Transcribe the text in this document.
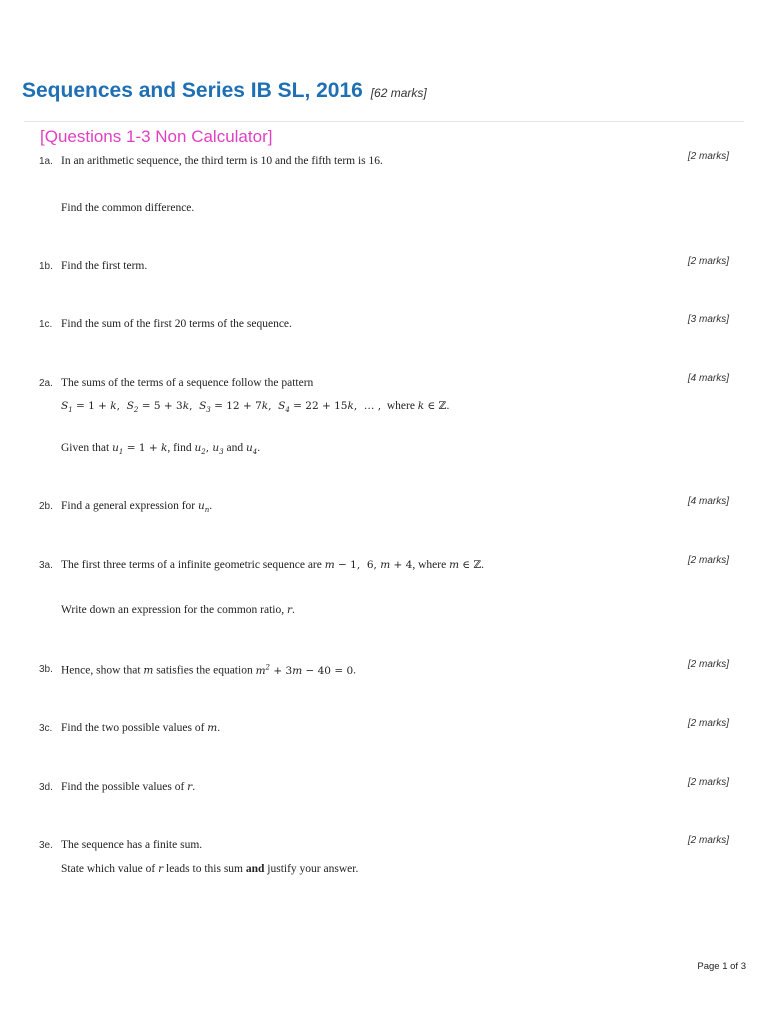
Sequences and Series IB SL, 2016 [62 marks]
[Questions 1-3 Non Calculator]
1a. In an arithmetic sequence, the third term is 10 and the fifth term is 16.	[2 marks]
Find the common difference.
1b. Find the first term.	[2 marks]
1c. Find the sum of the first 20 terms of the sequence.	[3 marks]
2a. The sums of the terms of a sequence follow the pattern	[4 marks]
$S_1 = 1 + k$,  $S_2 = 5 + 3k$,  $S_3 = 12 + 7k$,  $S_4 = 22 + 15k$,  … , where k ∈ ℤ.
Given that $u_1 = 1 + k$, find $u_2$, $u_3$ and $u_4$.
2b. Find a general expression for $u_n$.	[4 marks]
3a. The first three terms of a infinite geometric sequence are m − 1,  6, m + 4, where m ∈ ℤ.	[2 marks]
Write down an expression for the common ratio, r.
3b. Hence, show that m satisfies the equation $m^2 + 3m - 40 = 0$.	[2 marks]
3c. Find the two possible values of m.	[2 marks]
3d. Find the possible values of r.	[2 marks]
3e. The sequence has a finite sum.	[2 marks]
State which value of r leads to this sum and justify your answer.
Page 1 of 3
